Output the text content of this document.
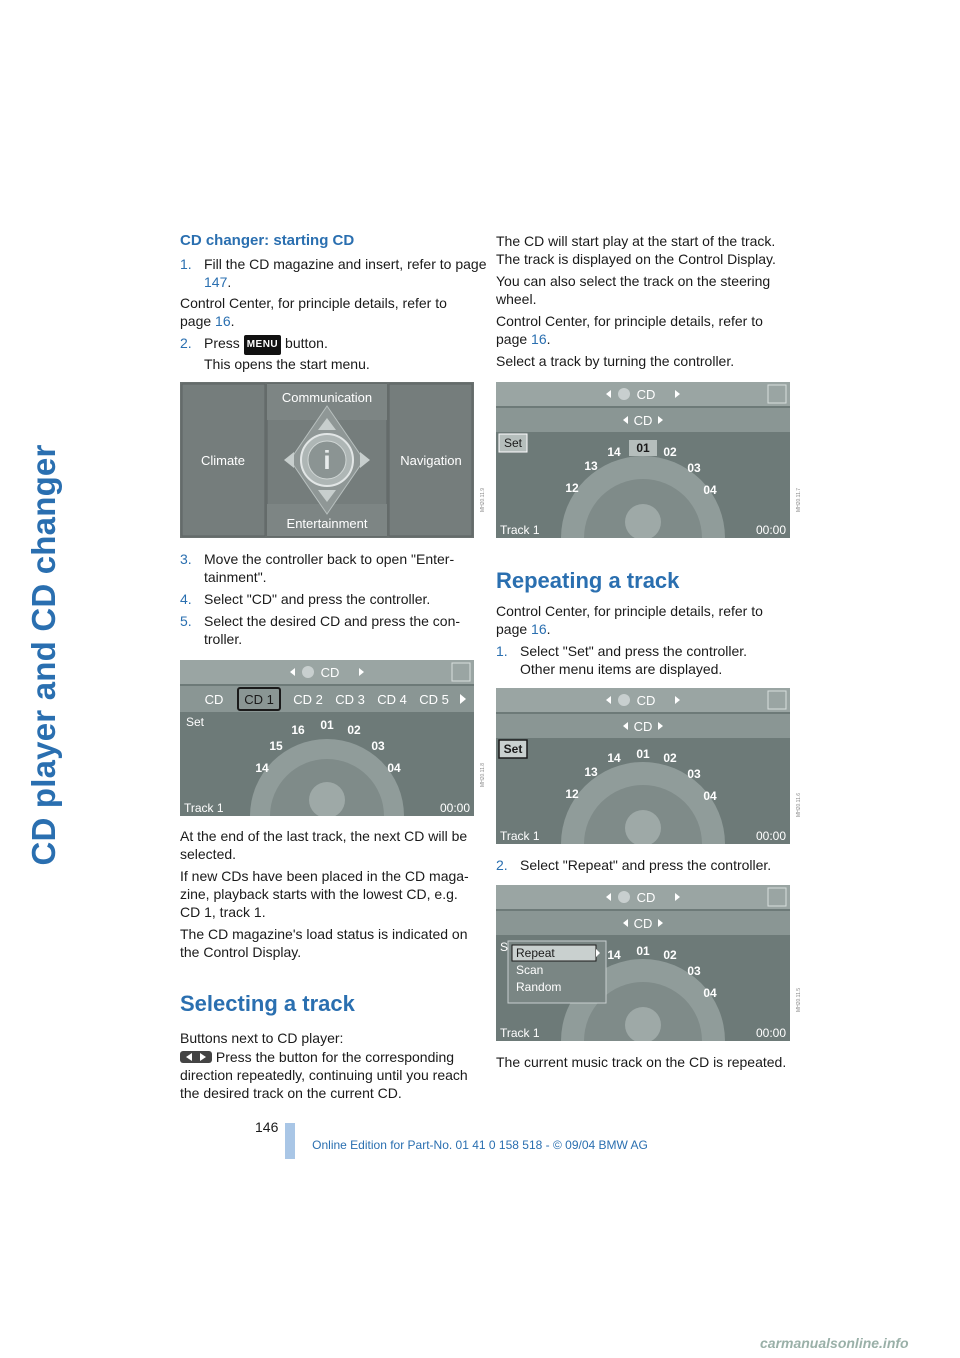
CD player and CD changer
CD changer: starting CD
1. Fill the CD magazine and insert, refer to page 147.
Control Center, for principle details, refer to page 16.
2. Press MENU button.
This opens the start menu.
i
Communication
Climate	Navigation
Entertainment
MH20.11.9
3. Move the controller back to open "Enter-tainment".
4. Select "CD" and press the controller.
5. Select the desired CD and press the con-troller.
CD
CD CD 1 CD 2 CD 3 CD 4 CD 5
Set
14
15
16 01 02
03
04
Track 1	00:00
MH20.11.8
At the end of the last track, the next CD will be selected.
If new CDs have been placed in the CD maga-zine, playback starts with the lowest CD, e.g. CD 1, track 1.
The CD magazine's load status is indicated on the Control Display.
Selecting a track
Buttons next to CD player:
Press the button for the corresponding direction repeatedly, continuing until you reach the desired track on the current CD.
The CD will start play at the start of the track. The track is displayed on the Control Display.
You can also select the track on the steering wheel.
Control Center, for principle details, refer to page 16.
Select a track by turning the controller.
CD
CD
Set
12
13
14 01 02
03
04
Track 1	00:00
MH20.11.7
Repeating a track
Control Center, for principle details, refer to page 16.
1. Select "Set" and press the controller.
Other menu items are displayed.
CD
CD
Set
12
13
14 01 02
03
04
Track 1	00:00
MH20.11.6
2. Select "Repeat" and press the controller.
CD
CD
14 01 02
03
04
S Repeat
Scan
Random
Track 1	00:00
MH20.11.5
The current music track on the CD is repeated.
146
Online Edition for Part-No. 01 41 0 158 518 - © 09/04 BMW AG
carmanualsonline.info
